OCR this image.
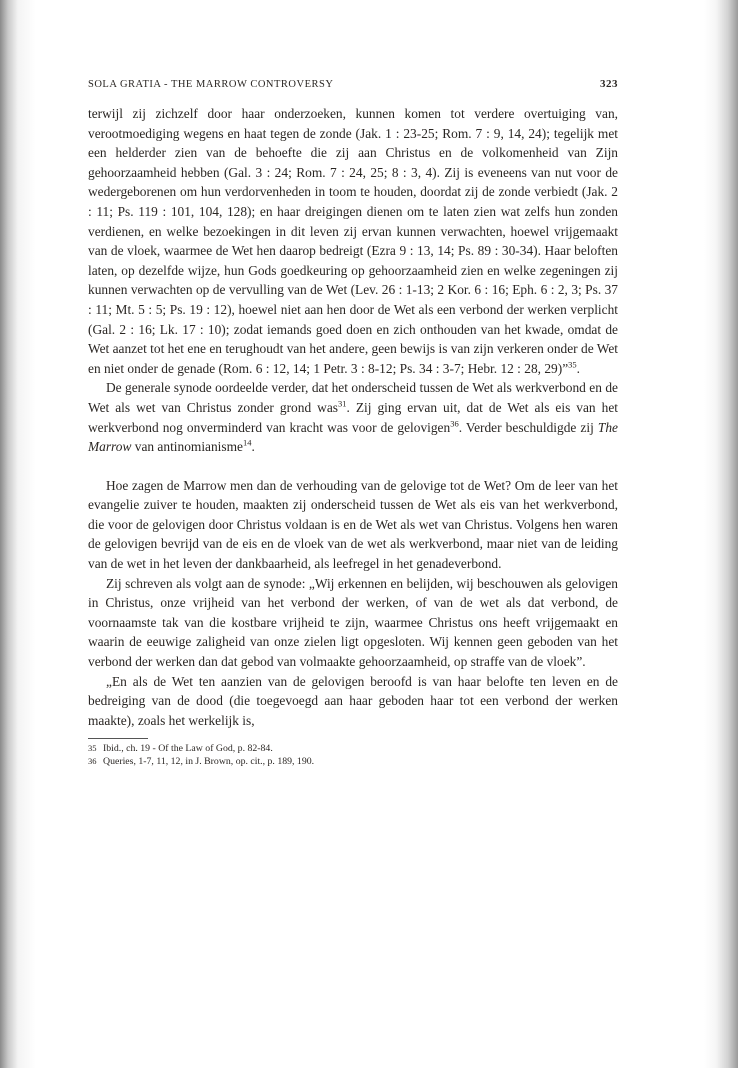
SOLA GRATIA - THE MARROW CONTROVERSY	323

terwijl zij zichzelf door haar onderzoeken, kunnen komen tot verdere overtuiging van, verootmoediging wegens en haat tegen de zonde (Jak. 1 : 23-25; Rom. 7 : 9, 14, 24); tegelijk met een helderder zien van de behoefte die zij aan Christus en de volkomenheid van Zijn gehoorzaamheid hebben (Gal. 3 : 24; Rom. 7 : 24, 25; 8 : 3, 4). Zij is eveneens van nut voor de wedergeborenen om hun verdorvenheden in toom te houden, doordat zij de zonde verbiedt (Jak. 2 : 11; Ps. 119 : 101, 104, 128); en haar dreigingen dienen om te laten zien wat zelfs hun zonden verdienen, en welke bezoekingen in dit leven zij ervan kunnen verwachten, hoewel vrijgemaakt van de vloek, waarmee de Wet hen daarop bedreigt (Ezra 9 : 13, 14; Ps. 89 : 30-34). Haar beloften laten, op dezelfde wijze, hun Gods goedkeuring op gehoorzaamheid zien en welke zegeningen zij kunnen verwachten op de vervulling van de Wet (Lev. 26 : 1-13; 2 Kor. 6 : 16; Eph. 6 : 2, 3; Ps. 37 : 11; Mt. 5 : 5; Ps. 19 : 12), hoewel niet aan hen door de Wet als een verbond der werken verplicht (Gal. 2 : 16; Lk. 17 : 10); zodat iemands goed doen en zich onthouden van het kwade, omdat de Wet aanzet tot het ene en terughoudt van het andere, geen bewijs is van zijn verkeren onder de Wet en niet onder de genade (Rom. 6 : 12, 14; 1 Petr. 3 : 8-12; Ps. 34 : 3-7; Hebr. 12 : 28, 29)”$^{35}$.

De generale synode oordeelde verder, dat het onderscheid tussen de Wet als werkverbond en de Wet als wet van Christus zonder grond was$^{31}$. Zij ging ervan uit, dat de Wet als eis van het werkverbond nog onverminderd van kracht was voor de gelovigen$^{36}$. Verder beschuldigde zij The Marrow van antinomianisme$^{14}$.

Hoe zagen de Marrow men dan de verhouding van de gelovige tot de Wet? Om de leer van het evangelie zuiver te houden, maakten zij onderscheid tussen de Wet als eis van het werkverbond, die voor de gelovigen door Christus voldaan is en de Wet als wet van Christus. Volgens hen waren de gelovigen bevrijd van de eis en de vloek van de wet als werkverbond, maar niet van de leiding van de wet in het leven der dankbaarheid, als leefregel in het genadeverbond.

Zij schreven als volgt aan de synode: „Wij erkennen en belijden, wij beschouwen als gelovigen in Christus, onze vrijheid van het verbond der werken, of van de wet als dat verbond, de voornaamste tak van die kostbare vrijheid te zijn, waarmee Christus ons heeft vrijgemaakt en waarin de eeuwige zaligheid van onze zielen ligt opgesloten. Wij kennen geen geboden van het verbond der werken dan dat gebod van volmaakte gehoorzaamheid, op straffe van de vloek”.

„En als de Wet ten aanzien van de gelovigen beroofd is van haar belofte ten leven en de bedreiging van de dood (die toegevoegd aan haar geboden haar tot een verbond der werken maakte), zoals het werkelijk is,

35 Ibid., ch. 19 - Of the Law of God, p. 82-84.

36 Queries, 1-7, 11, 12, in J. Brown, op. cit., p. 189, 190.
